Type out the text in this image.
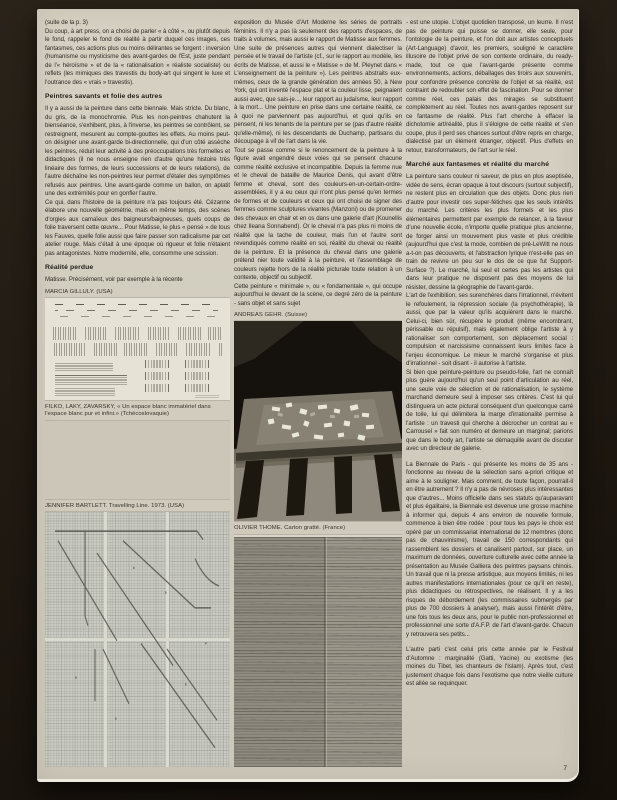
(suite de la p. 3)

Du coup, à art press, on a choisi de parler « à côté », ou plutôt depuis le fond, rappeler le fond de réalité à partir duquel ces images, ces fantasmes, ces actions plus ou moins délirantes se forgent : inversion (humanisme ou mysticisme des avant-gardes de l'Est, juste pendant de l'« héroïsme » et de la « rationalisation » réaliste socialiste) ou reflets (les mimiques des travestis du body-art qui singent le luxe et l'outrance des « vrais » travestis).

Peintres savants et folie des autres

Il y a aussi de la peinture dans cette biennale. Mais stricte. Du blanc, du gris, de la monochromie. Plus les non-peintres chahutent la bienséance, s'exhibent, plus, à l'inverse, les peintres se contrôlent, se restreignent, mesurent au compte-gouttes les effets. Au moins peut-on désigner une avant-garde bi-directionnelle, qui d'un côté assèche les peintres, réduit leur activité à des préoccupations très formelles et didactiques (il ne nous enseigne rien d'autre qu'une histoire très linéaire des formes, de leurs successions et de leurs relations), de l'autre déchaîne les non-peintres leur permet d'étaler des symptômes refusés aux peintres. Une avant-garde comme un ballon, on aplatit une des extrémités pour en gonfler l'autre.

Ce qui, dans l'histoire de la peinture n'a pas toujours été. Cézanne élabore une nouvelle géométrie, mais en même temps, des scènes d'orgies aux camaïeux des baigneurs/baigneuses, quels coups de folie traversent cette œuvre... Pour Matisse, le plus « pensé » de tous les Fauves, quelle folie aussi que faire passer son radicalisme par cet atelier rouge. Mais c'était à une époque où rigueur et folie n'étaient pas antagonistes. Notre modernité, elle, consomme une scission.

Réalité perdue

Matisse. Précisément, voir par exemple à la récente

MARCIA GILLULY. (USA)
FILKO, LAKY, ZAVARSKY, « Un espace blanc immatériel dans l'espace blanc pur et infini.» (Tchécoslovaquie)
JENNIFER BARTLETT. Travelling Line. 1973. (USA)

exposition du Musée d'Art Moderne les séries de portraits féminins. Il n'y a pas là seulement des rapports d'espaces, de traits à volumes, mais aussi le rapport de Matisse aux femmes. Une suite de présences autres qui viennent dialectiser la pensée et le travail de l'artiste (cf., sur le rapport au modèle, les écrits de Matisse, et aussi le « Matisse » de M. Pleynet dans « L'enseignement de la peinture »). Les peintres abstraits eux-mêmes, ceux de la grande génération des années 50, à New York, qui ont inventé l'espace plat et la couleur lisse, peignaient aussi avec, que sais-je..., leur rapport au judaïsme, leur rapport à la mort... Une peinture en prise dans une certaine réalité, ce à quoi ne parviennent pas aujourd'hui, et quoi qu'ils en pensent, ni les tenants de la peinture per se (pas d'autre réalité qu'elle-même), ni les descendants de Duchamp, partisans du découpage à vif de l'art dans la vie.

Tout se passe comme si le renoncement de la peinture à la figure avait engendré deux voies qui se pensent chacune comme réalité exclusive et incompatible. Depuis la femme nue et le cheval de bataille de Maurice Denis, qui avant d'être femme et cheval, sont des couleurs-en-un-certain-ordre-assemblées, il y a eu ceux qui n'ont plus pensé qu'en termes de formes et de couleurs et ceux qui ont choisi de signer des femmes comme sculptures vivantes (Manzoni) ou de promener des chevaux en chair et en os dans une galerie d'art (Kounellis chez Ileana Sonnabend). Or le cheval n'a pas plus ni moins de réalité que la tache de couleur, mais l'un et l'autre sont revendiqués comme réalité en soi, réalité du cheval ou réalité de la peinture. Et la présence du cheval dans une galerie prétend nier toute validité à la peinture, et l'assemblage de couleurs rejette hors de la réalité picturale toute relation à un contexte, objectif ou subjectif.

Cette peinture « minimale », ou « fondamentale », qui occupe aujourd'hui le devant de la scène, ce degré zéro de la peinture - sans objet et sans sujet

ANDREAS GEHR. (Suisse)
OLIVIER THOME. Carton gratté. (France)

- est une utopie. L'objet quotidien transposé, un leurre. Il n'est pas de peinture qui puisse se donner, elle seule, pour l'ontologie de la peinture, et l'on doit aux artistes conceptuels (Art-Language) d'avoir, les premiers, souligné le caractère illusoire de l'objet privé de son contexte ordinaire, du ready-made, tout ce que l'avant-garde présente comme environnements, actions, déballages des tiroirs aux souvenirs, pour confondre présence concrète de l'objet et sa réalité, est contraint de redoubler son effet de fascination. Pour se donner comme réel, ces palais des mirages se substituent complètement au réel. Toutes nos avant-gardes reposent sur ce fantasme de réalité. Plus l'art cherche à effacer la dichotomie art/réalité, plus il s'éloigne de cette réalité et s'en coupe, plus il perd ses chances surtout d'être repris en charge, dialectisé par un élément étranger, objectif. Plus d'effets en retour, transformateurs, de l'art sur le réel.

Marché aux fantasmes et réalité du marché

La peinture sans couleur ni saveur, de plus en plus aseptisée, vidée de sens, écran opaque à tout discours (surtout subjectif), ne restent plus en circulation que des objets. Donc plus rien d'autre pour investir ces super-fétiches que les seuls intérêts du marché. Les critères les plus formels et les plus élémentaires permettent par exemple de relancer, à la faveur d'une nouvelle école, n'importe quelle pratique plus ancienne, de forger ainsi un mouvement plus vaste et plus crédible (aujourd'hui que c'est la mode, combien de pré-LeWitt ne nous a-t-on pas découverts, et l'abstraction lyrique n'est-elle pas en train de revivre un peu sur le dos de ce que fut Support-Surface ?). Le marché, lui seul et certes pas les artistes qui dans leur pratique ne disposent pas des moyens de lui résister, dessine la géographie de l'avant-garde.

L'art de l'exhibition, ses surenchères dans l'irrationnel, n'évitent le refoulement, la répression sociale (la psychothérapie), là aussi, que par la valeur qu'ils acquièrent dans le marché. Celui-ci, bien sûr, récupère le produit (même encombrant, périssable ou répulsif), mais également oblige l'artiste à y rationaliser son comportement, son déplacement social : compulsion et narcissisme connaissent leurs limites face à l'enjeu économique. Le mieux le marché s'organise et plus d'irrationnel - soit disant - il autorise à l'artiste.

Si bien que peinture-peinture ou pseudo-folie, l'art ne connaît plus guère aujourd'hui qu'un seul point d'articulation au réel, une seule voie de sélection et de rationalisation, le système marchand demeure seul à imposer ses critères. C'est lui qui distinguera un acte pictural conséquent d'un quelconque carré de toile, lui qui délimitera la marge d'irrationalité permise à l'artiste : un travesti qui cherche à décrocher un contrat au « Carrousel » fait son numéro et demeure un marginal; parions que dans le body art, l'artiste se démaquille avant de discuter avec un directeur de galerie.

La Biennale de Paris - qui présente les moins de 35 ans - fonctionne au niveau de la sélection sans a-priori critique et aime à le souligner. Mais comment, de toute façon, pourrait-il en être autrement ? Il n'y a pas de névroses plus intéressantes que d'autres... Moins officielle dans ses statuts qu'auparavant et plus égalitaire, la Biennale est devenue une grosse machine à informer qui, depuis 4 ans environ de nouvelle formule, commence à bien être rodée : pour tous les pays le choix est opéré par un commissariat international de 12 membres (donc pas de chauvinisme), travail de 150 correspondants qui rassemblent les dossiers et canalisent partout, sur place, un maximum de données, ouverture culturelle avec cette année la présentation au Musée Galliera des peintres paysans chinois. Un travail que ni la presse artistique, aux moyens limités, ni les autres manifestations internationales (pour ce qu'il en reste), plus didactiques ou rétrospectives, ne réalisent. Il y a les risques de débordement (les commissaires submergés par plus de 700 dossiers à analyser), mais aussi l'intérêt d'être, une fois tous les deux ans, pour le public non-professionnel et professionnel une sorte d'A.F.P. de l'art d'avant-garde. Chacun y retrouvera ses petits...

L'autre parti c'est celui pris cette année par le Festival d'Automne : marginalité (Gatti, Yacine) ou exotisme (les moines du Tibet, les chanteurs de l'Islam). Après tout, c'est justement chaque fois dans l'exotisme que notre vieille culture est allée se requinquer.

7
